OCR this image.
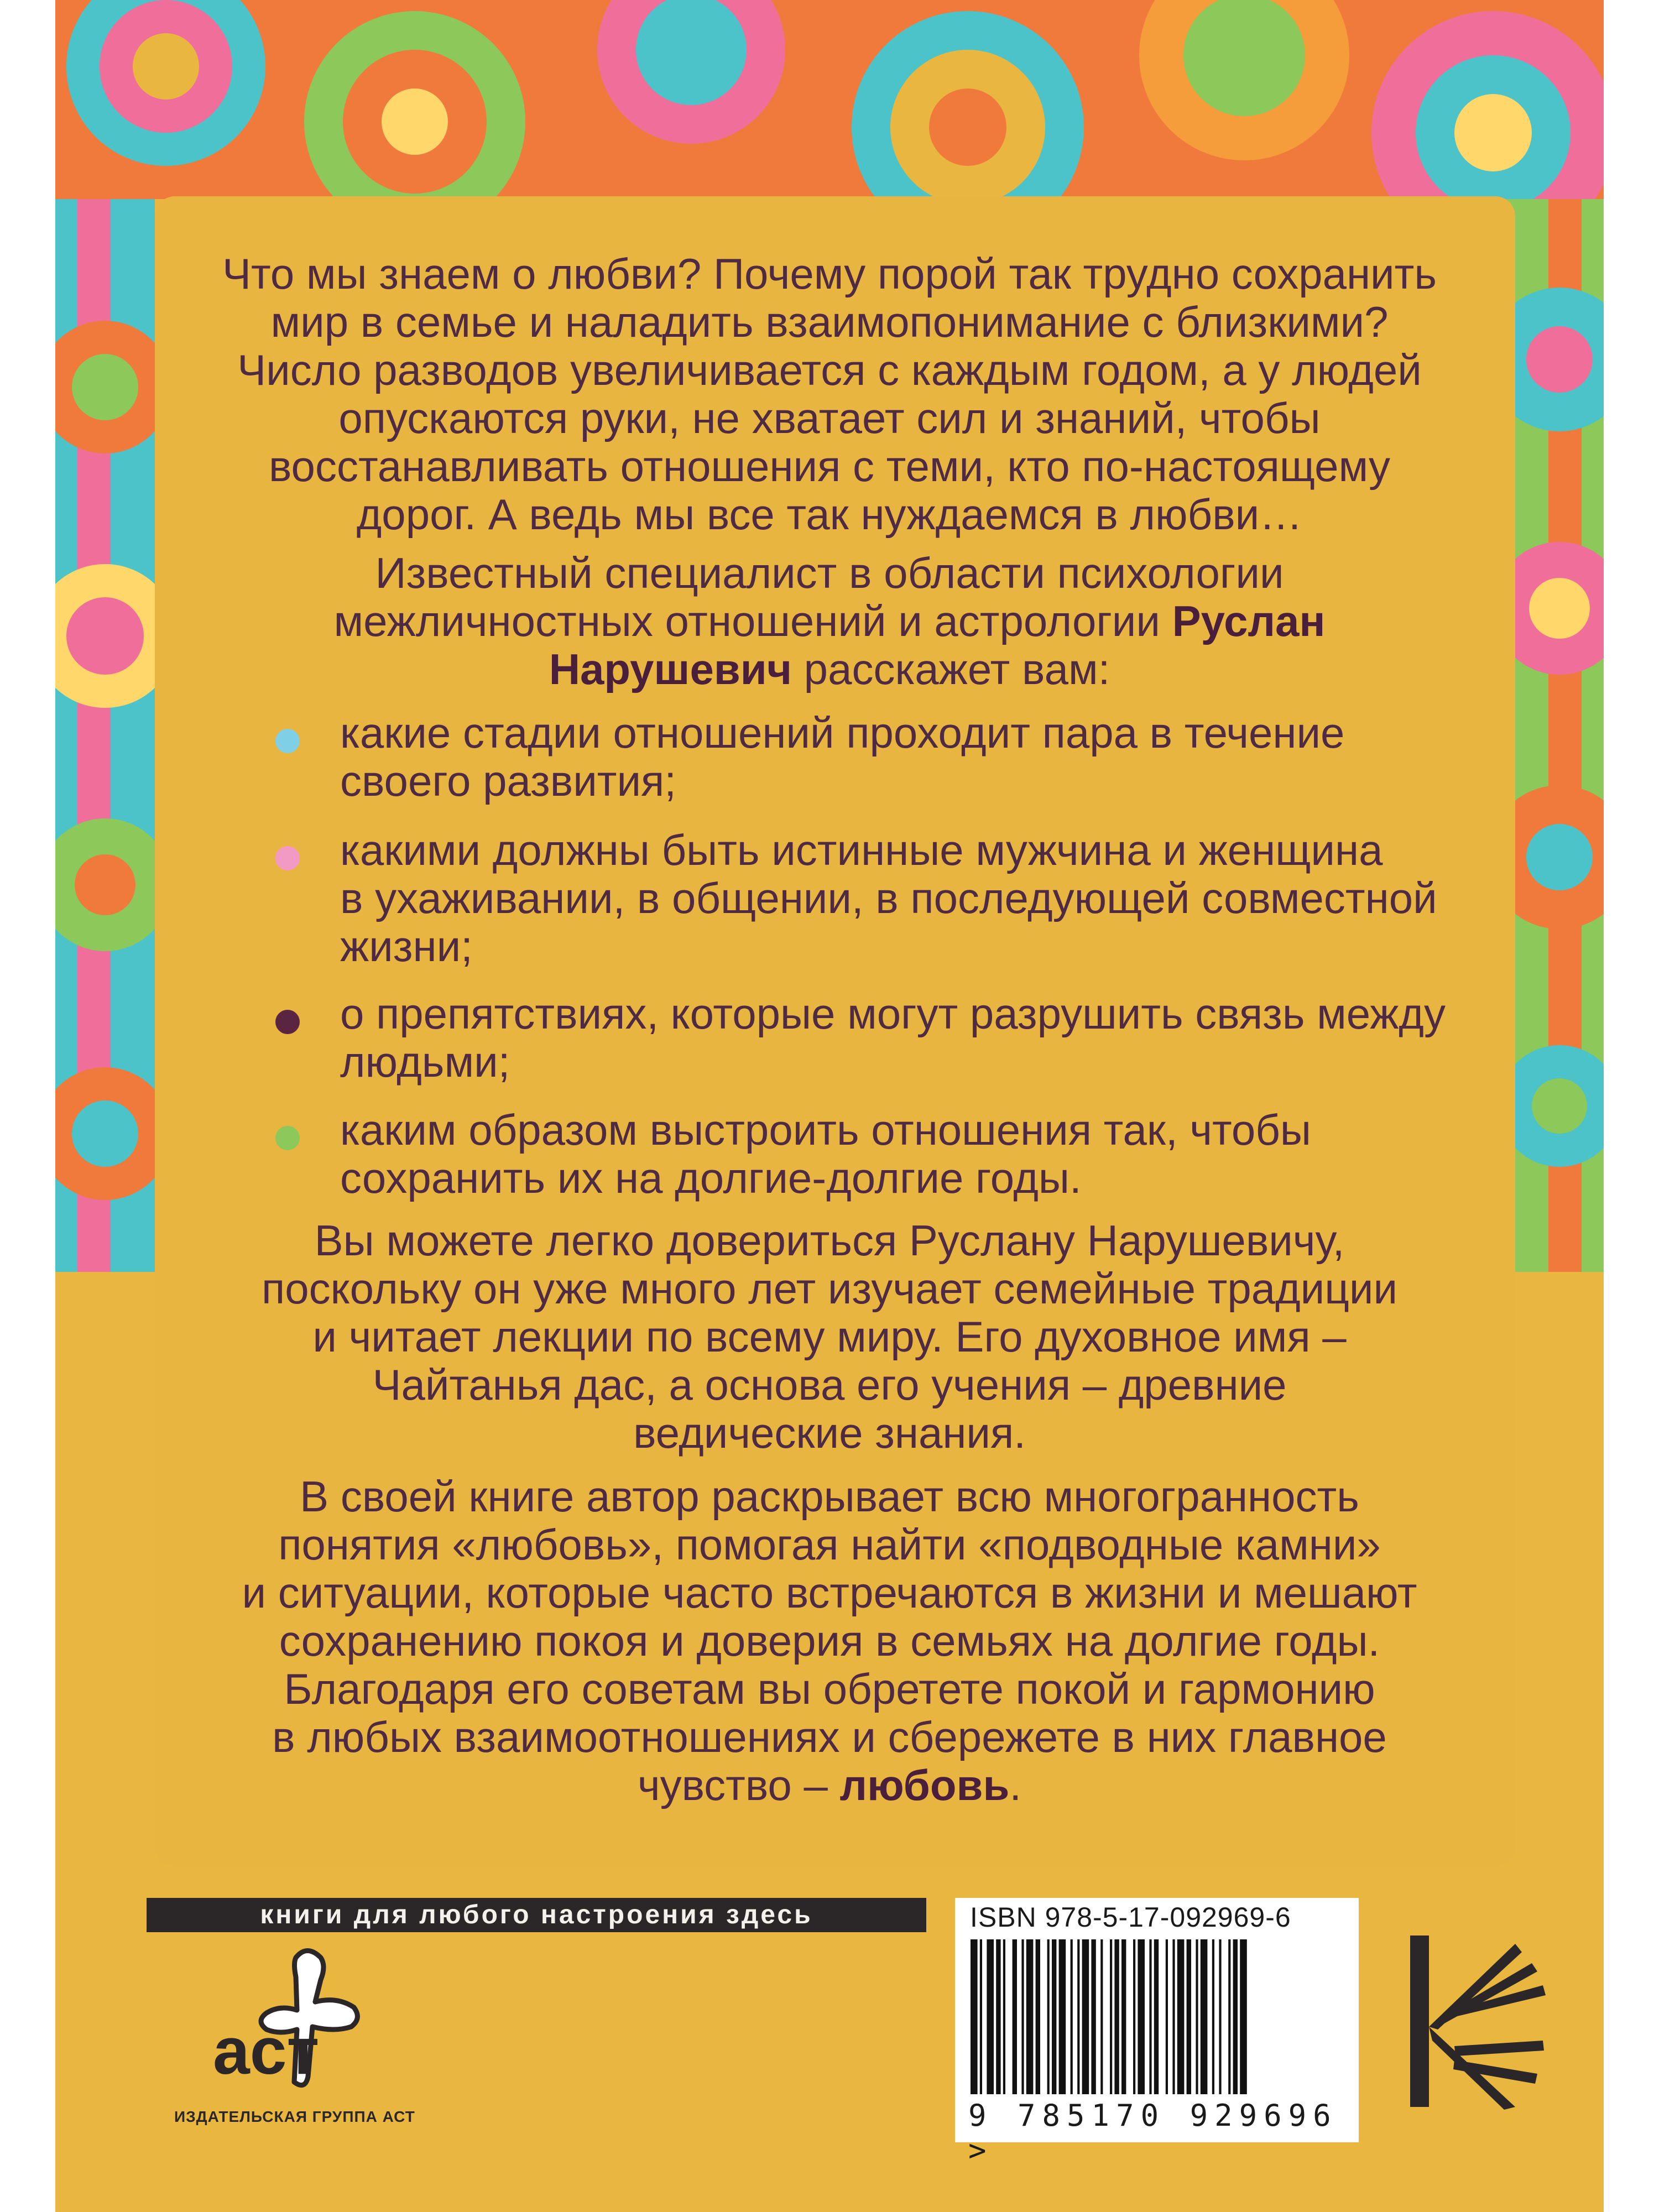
Что мы знаем о любви? Почему порой так трудно сохранить
мир в семье и наладить взаимопонимание с близкими?
Число разводов увеличивается с каждым годом, а у людей
опускаются руки, не хватает сил и знаний, чтобы
восстанавливать отношения с теми, кто по-настоящему
дорог. А ведь мы все так нуждаемся в любви…
Известный специалист в области психологии
межличностных отношений и астрологии Руслан
Нарушевич расскажет вам:
какие стадии отношений проходит пара в течение
своего развития;
какими должны быть истинные мужчина и женщина
в ухаживании, в общении, в последующей совместной
жизни;
о препятствиях, которые могут разрушить связь между
людьми;
каким образом выстроить отношения так, чтобы
сохранить их на долгие-долгие годы.
Вы можете легко довериться Руслану Нарушевичу,
поскольку он уже много лет изучает семейные традиции
и читает лекции по всему миру. Его духовное имя –
Чайтанья дас, а основа его учения – древние
ведические знания.
В своей книге автор раскрывает всю многогранность
понятия «любовь», помогая найти «подводные камни»
и ситуации, которые часто встречаются в жизни и мешают
сохранению покоя и доверия в семьях на долгие годы.
Благодаря его советам вы обретете покой и гармонию
в любых взаимоотношениях и сбережете в них главное
чувство – любовь.
книги для любого настроения здесь
аст
ИЗДАТЕЛЬСКАЯ ГРУППА АСТ
ISBN 978-5-17-092969-6
9 785170 929696 >
